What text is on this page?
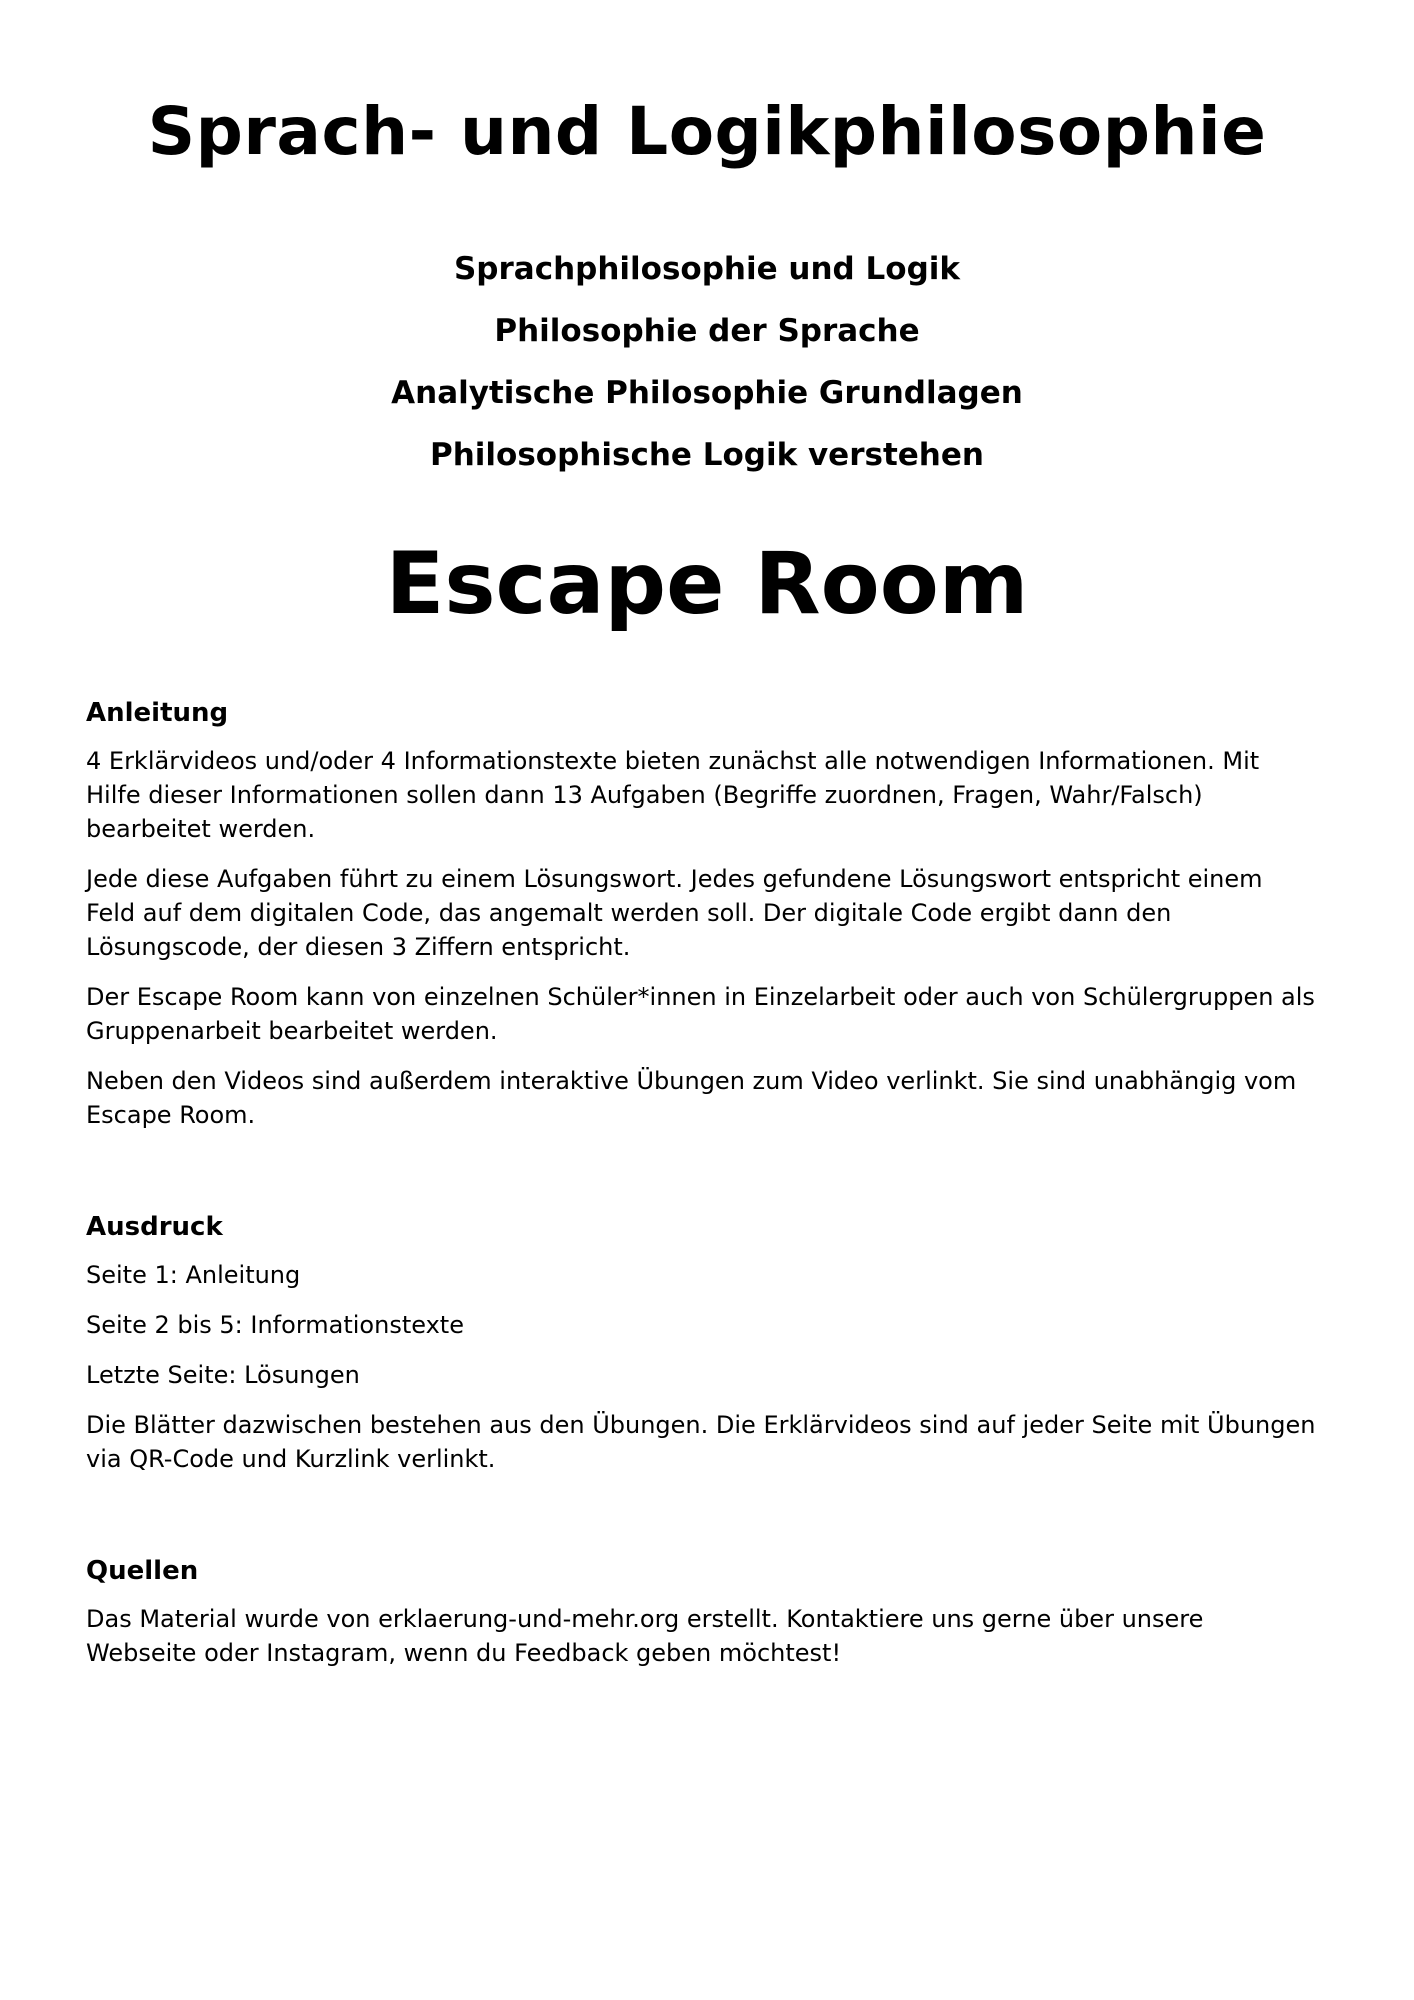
Sprach- und Logikphilosophie

Sprachphilosophie und Logik

Philosophie der Sprache

Analytische Philosophie Grundlagen

Philosophische Logik verstehen

Escape Room
Anleitung

4 Erklärvideos und/oder 4 Informationstexte bieten zunächst alle notwendigen Informationen. Mit Hilfe dieser Informationen sollen dann 13 Aufgaben (Begriffe zuordnen, Fragen, Wahr/Falsch) bearbeitet werden.

Jede diese Aufgaben führt zu einem Lösungswort. Jedes gefundene Lösungswort entspricht einem Feld auf dem digitalen Code, das angemalt werden soll. Der digitale Code ergibt dann den Lösungscode, der diesen 3 Ziffern entspricht.

Der Escape Room kann von einzelnen Schüler*innen in Einzelarbeit oder auch von Schülergruppen als Gruppenarbeit bearbeitet werden.

Neben den Videos sind außerdem interaktive Übungen zum Video verlinkt. Sie sind unabhängig vom Escape Room.

Ausdruck

Seite 1: Anleitung

Seite 2 bis 5: Informationstexte

Letzte Seite: Lösungen

Die Blätter dazwischen bestehen aus den Übungen. Die Erklärvideos sind auf jeder Seite mit Übungen via QR-Code und Kurzlink verlinkt.

Quellen

Das Material wurde von erklaerung-und-mehr.org erstellt. Kontaktiere uns gerne über unsere Webseite oder Instagram, wenn du Feedback geben möchtest!
